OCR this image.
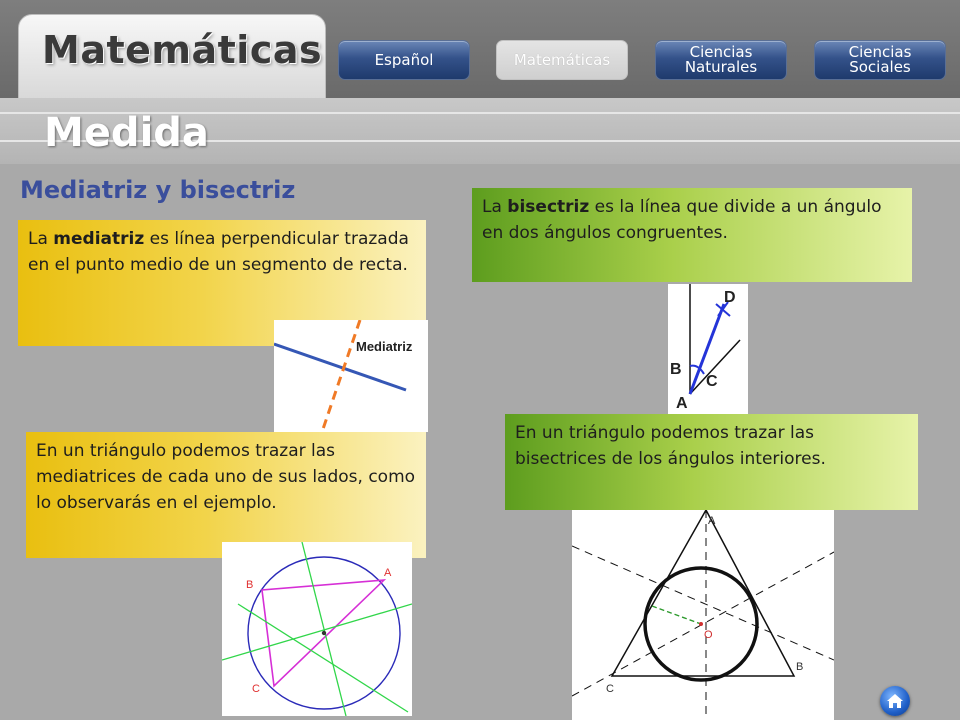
Matemáticas	Español	Matemáticas	Ciencias
Naturales
Ciencias
Sociales
Medida
Mediatriz y bisectriz
La mediatriz es línea perpendicular trazada en el punto medio de un segmento de recta.
La bisectriz es la línea que divide a un ángulo en dos ángulos congruentes.
En un triángulo podemos trazar las mediatrices de cada uno de sus lados, como lo observarás en el ejemplo.
En un triángulo podemos trazar las bisectrices de los ángulos interiores.
Mediatriz
D
B
C
A
A
B
C
A
B
C
O
